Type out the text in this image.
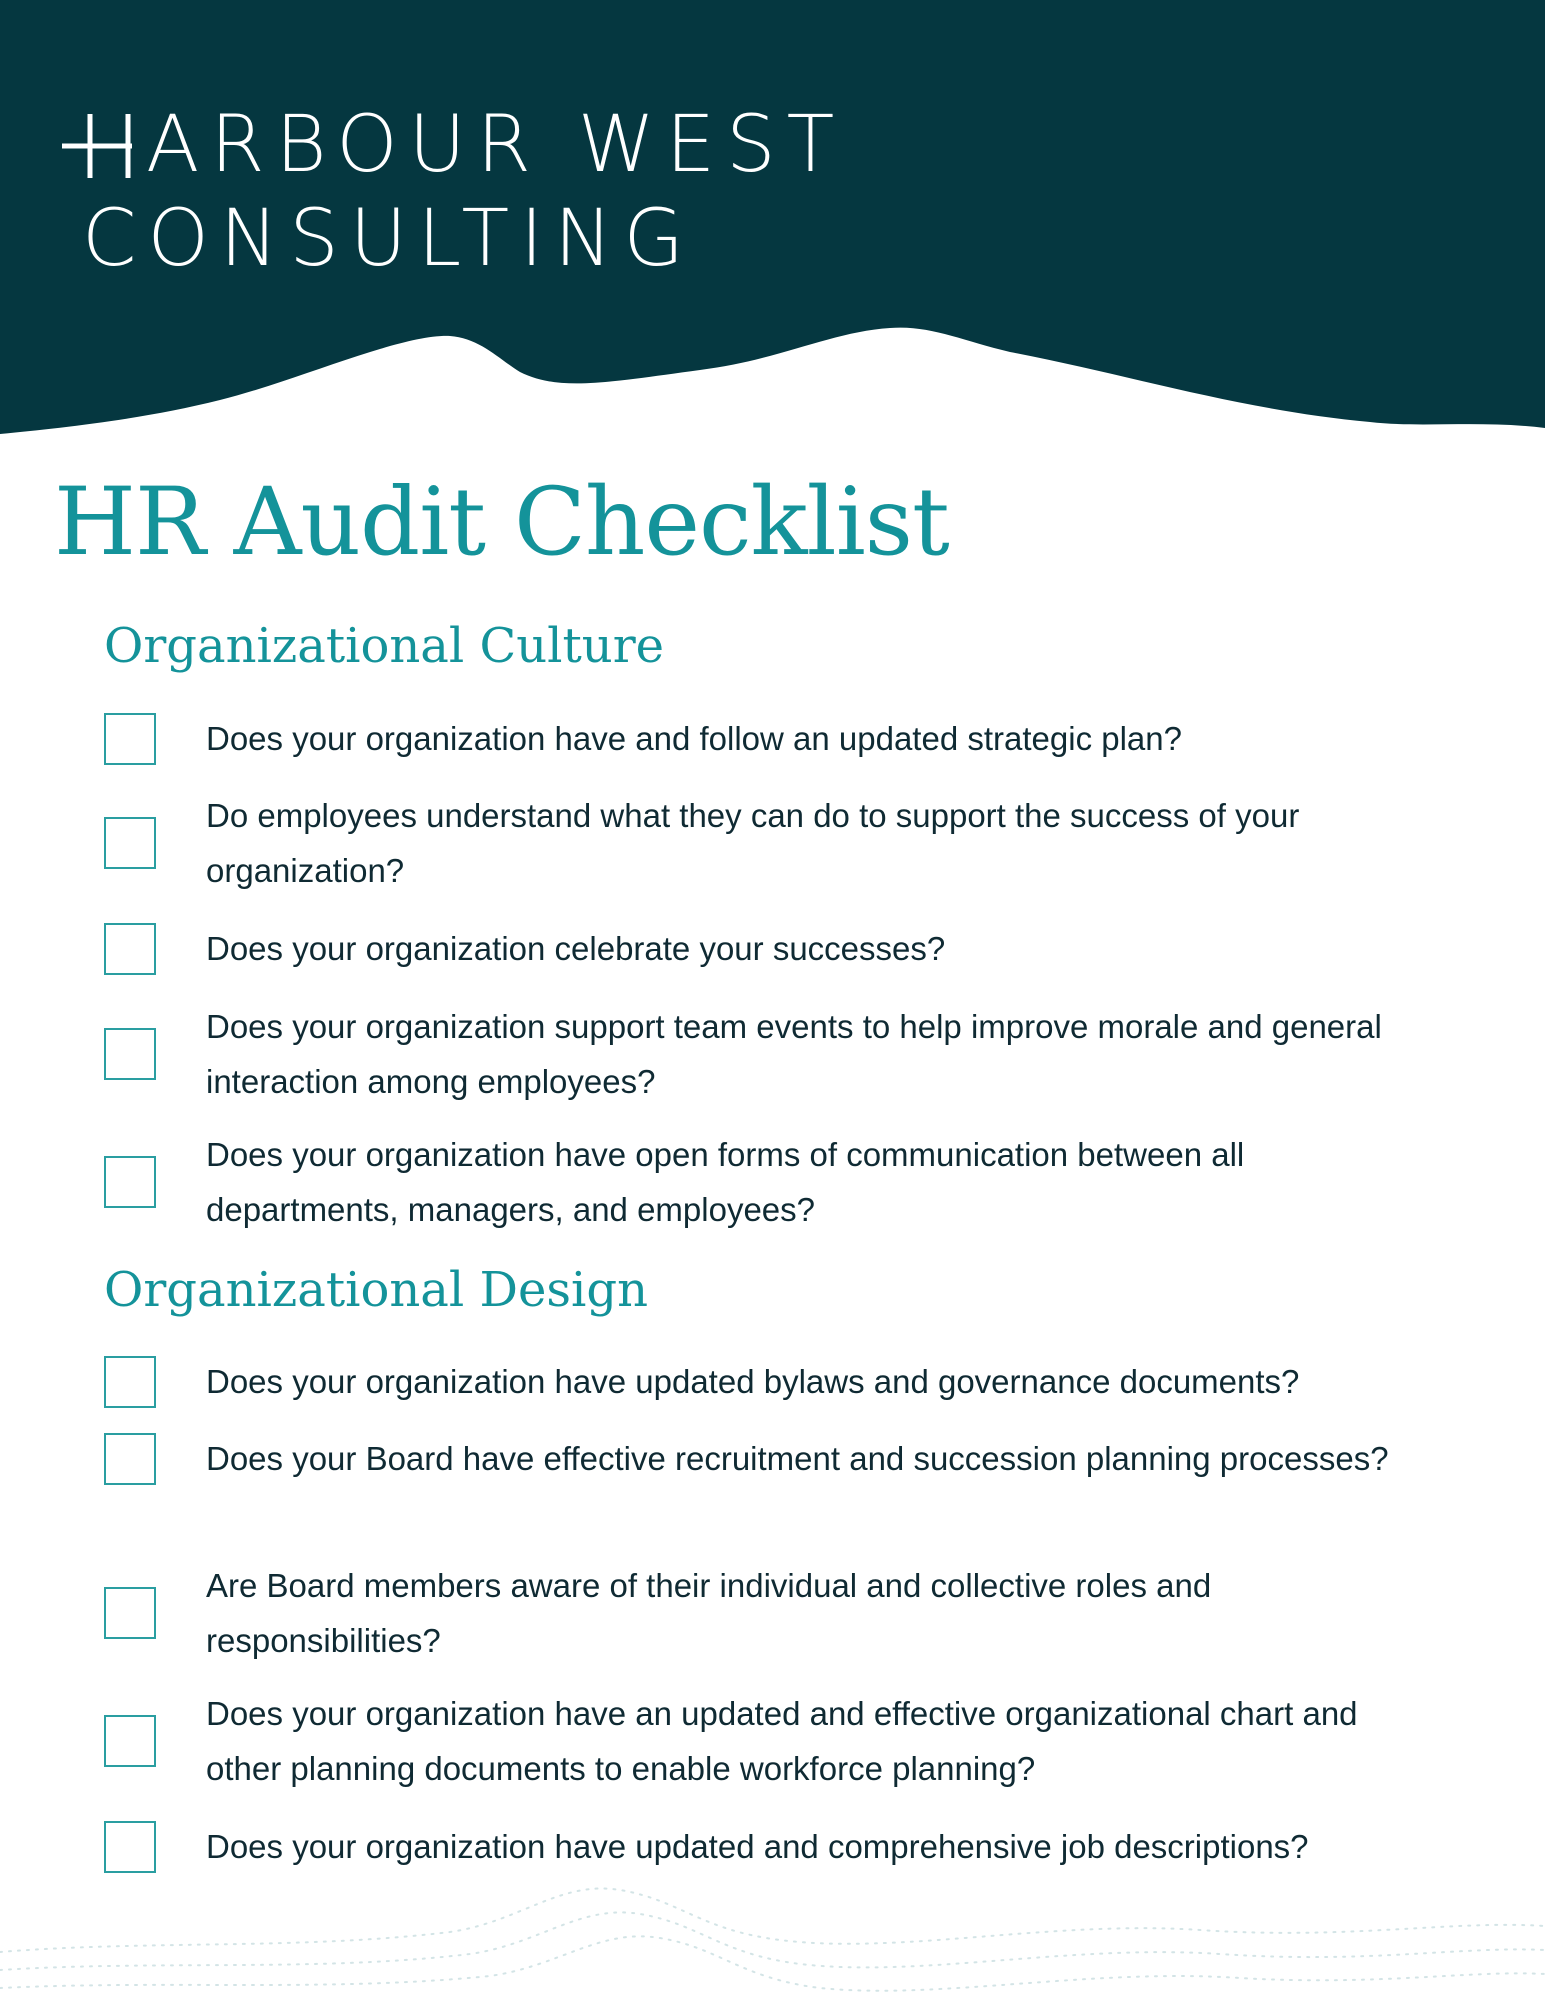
ARBOUR WEST
CONSULTING
HR Audit Checklist
Organizational Culture
Does your organization have and follow an updated strategic plan?
Do employees understand what they can do to support the success of your organization?
Does your organization celebrate your successes?
Does your organization support team events to help improve morale and general interaction among employees?
Does your organization have open forms of communication between all departments, managers, and employees?
Organizational Design
Does your organization have updated bylaws and governance documents?
Does your Board have effective recruitment and succession planning processes?
Are Board members aware of their individual and collective roles and responsibilities?
Does your organization have an updated and effective organizational chart and other planning documents to enable workforce planning?
Does your organization have updated and comprehensive job descriptions?
